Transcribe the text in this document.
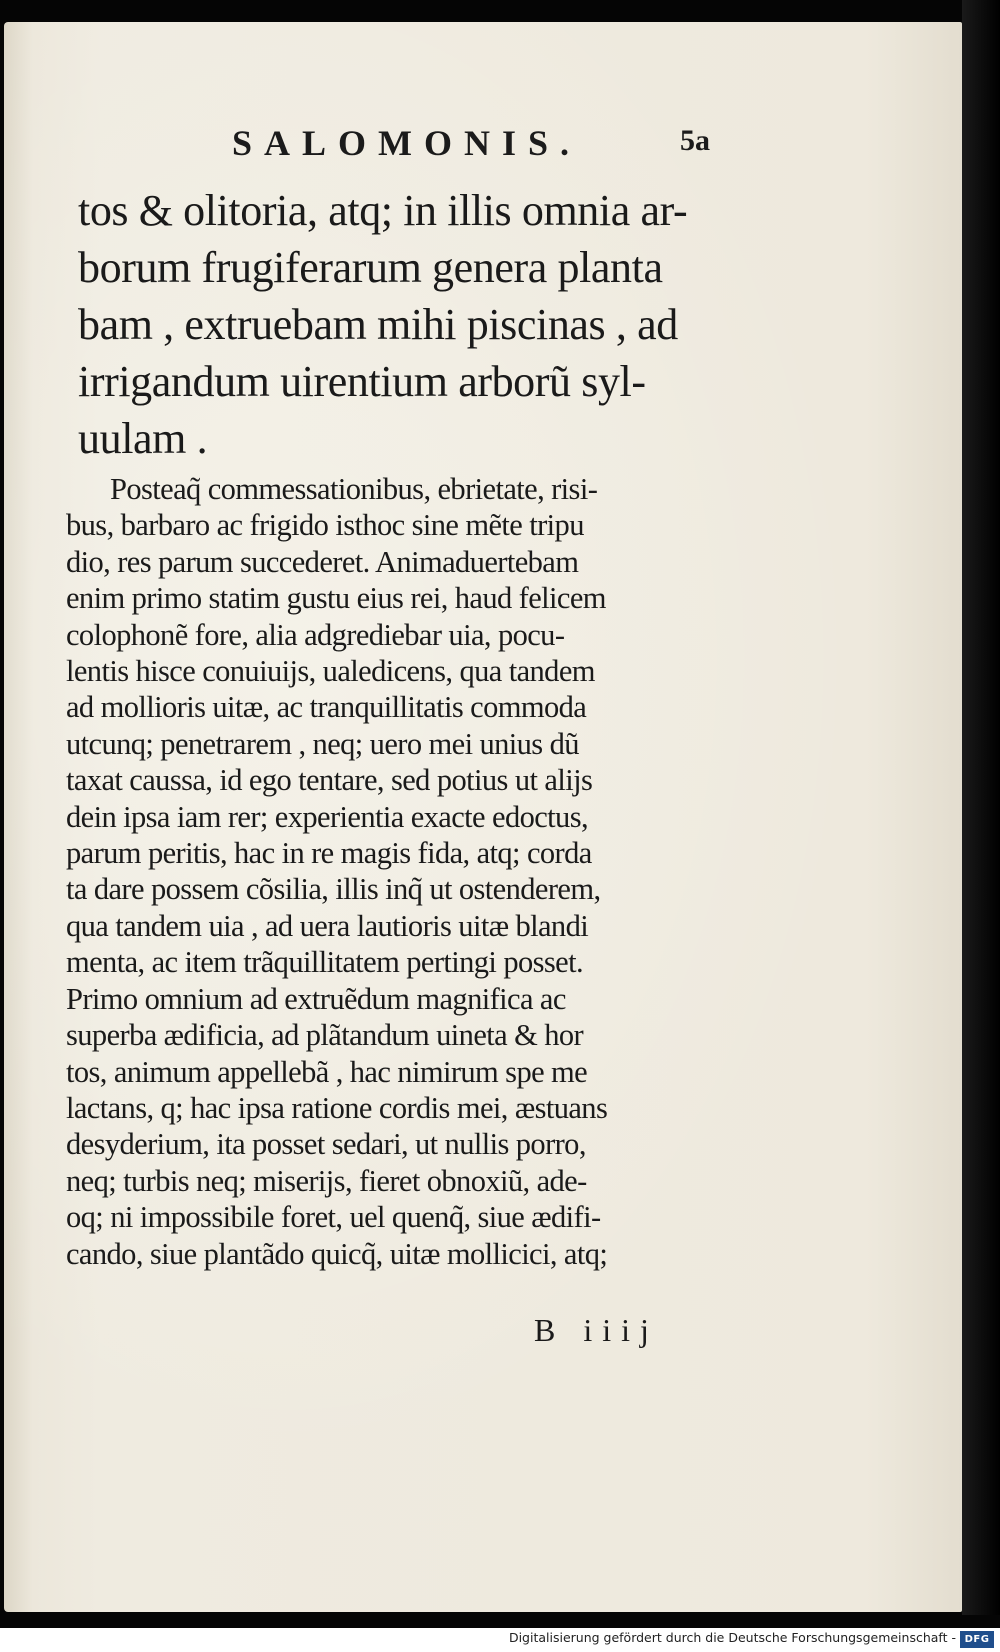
SALOMONIS.	5a
tos & olitoria, atq; in illis omnia ar-
borum frugiferarum genera planta
bam , extruebam mihi piscinas , ad
irrigandum uirentium arborũ syl-
uulam .
Posteaq̃ commessationibus, ebrietate, risi-
bus, barbaro ac frigido isthoc sine mẽte tripu
dio, res parum succederet. Animaduertebam
enim primo statim gustu eius rei, haud felicem
colophonẽ fore, alia adgrediebar uia, pocu-
lentis hisce conuiuijs, ualedicens, qua tandem
ad mollioris uitæ, ac tranquillitatis commoda
utcunq; penetrarem , neq; uero mei unius dũ
taxat caussa, id ego tentare, sed potius ut alijs
dein ipsa iam rer; experientia exacte edoctus,
parum peritis, hac in re magis fida, atq; corda
ta dare possem cõsilia, illis inq̃ ut ostenderem,
qua tandem uia , ad uera lautioris uitæ blandi
menta, ac item trãquillitatem pertingi posset.
Primo omnium ad extruẽdum magnifica ac
superba ædificia, ad plãtandum uineta & hor
tos, animum appellebã , hac nimirum spe me
lactans, q; hac ipsa ratione cordis mei, æstuans
desyderium, ita posset sedari, ut nullis porro,
neq; turbis neq; miserijs, fieret obnoxiũ, ade-
oq; ni impossibile foret, uel quenq̃, siue ædifi-
cando, siue plantãdo quicq̃, uitæ mollicici, atq;
B iiij
Digitalisierung gefördert durch die Deutsche Forschungsgemeinschaft - DFG
